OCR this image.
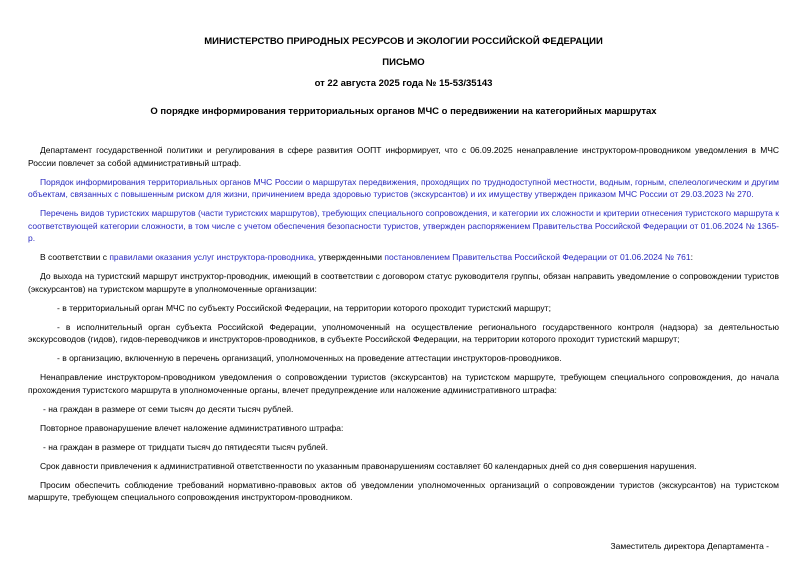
МИНИСТЕРСТВО ПРИРОДНЫХ РЕСУРСОВ И ЭКОЛОГИИ РОССИЙСКОЙ ФЕДЕРАЦИИ
ПИСЬМО
от 22 августа 2025 года № 15-53/35143
О порядке информирования территориальных органов МЧС о передвижении на категорийных маршрутах

Департамент государственной политики и регулирования в сфере развития ООПТ информирует, что с 06.09.2025 ненаправление инструктором-проводником уведомления в МЧС России повлечет за собой административный штраф.

Порядок информирования территориальных органов МЧС России о маршрутах передвижения, проходящих по труднодоступной местности, водным, горным, спелеологическим и другим объектам, связанных с повышенным риском для жизни, причинением вреда здоровью туристов (экскурсантов) и их имуществу утвержден приказом МЧС России от 29.03.2023 № 270.

Перечень видов туристских маршрутов (части туристских маршрутов), требующих специального сопровождения, и категории их сложности и критерии отнесения туристского маршрута к соответствующей категории сложности, в том числе с учетом обеспечения безопасности туристов, утвержден распоряжением Правительства Российской Федерации от 01.06.2024 № 1365-р.

В соответствии с правилами оказания услуг инструктора-проводника, утвержденными постановлением Правительства Российской Федерации от 01.06.2024 № 761:

До выхода на туристский маршрут инструктор-проводник, имеющий в соответствии с договором статус руководителя группы, обязан направить уведомление о сопровождении туристов (экскурсантов) на туристском маршруте в уполномоченные организации:

- в территориальный орган МЧС по субъекту Российской Федерации, на территории которого проходит туристский маршрут;

- в исполнительный орган субъекта Российской Федерации, уполномоченный на осуществление регионального государственного контроля (надзора) за деятельностью экскурсоводов (гидов), гидов-переводчиков и инструкторов-проводников, в субъекте Российской Федерации, на территории которого проходит туристский маршрут;

- в организацию, включенную в перечень организаций, уполномоченных на проведение аттестации инструкторов-проводников.

Ненаправление инструктором-проводником уведомления о сопровождении туристов (экскурсантов) на туристском маршруте, требующем специального сопровождения, до начала прохождения туристского маршрута в уполномоченные органы, влечет предупреждение или наложение административного штрафа:

- на граждан в размере от семи тысяч до десяти тысяч рублей.

Повторное правонарушение влечет наложение административного штрафа:

- на граждан в размере от тридцати тысяч до пятидесяти тысяч рублей.

Срок давности привлечения к административной ответственности по указанным правонарушениям составляет 60 календарных дней со дня совершения нарушения.

Просим обеспечить соблюдение требований нормативно-правовых актов об уведомлении уполномоченных организаций о сопровождении туристов (экскурсантов) на туристском маршруте, требующем специального сопровождения инструктором-проводником.

Заместитель директора Департамента -
